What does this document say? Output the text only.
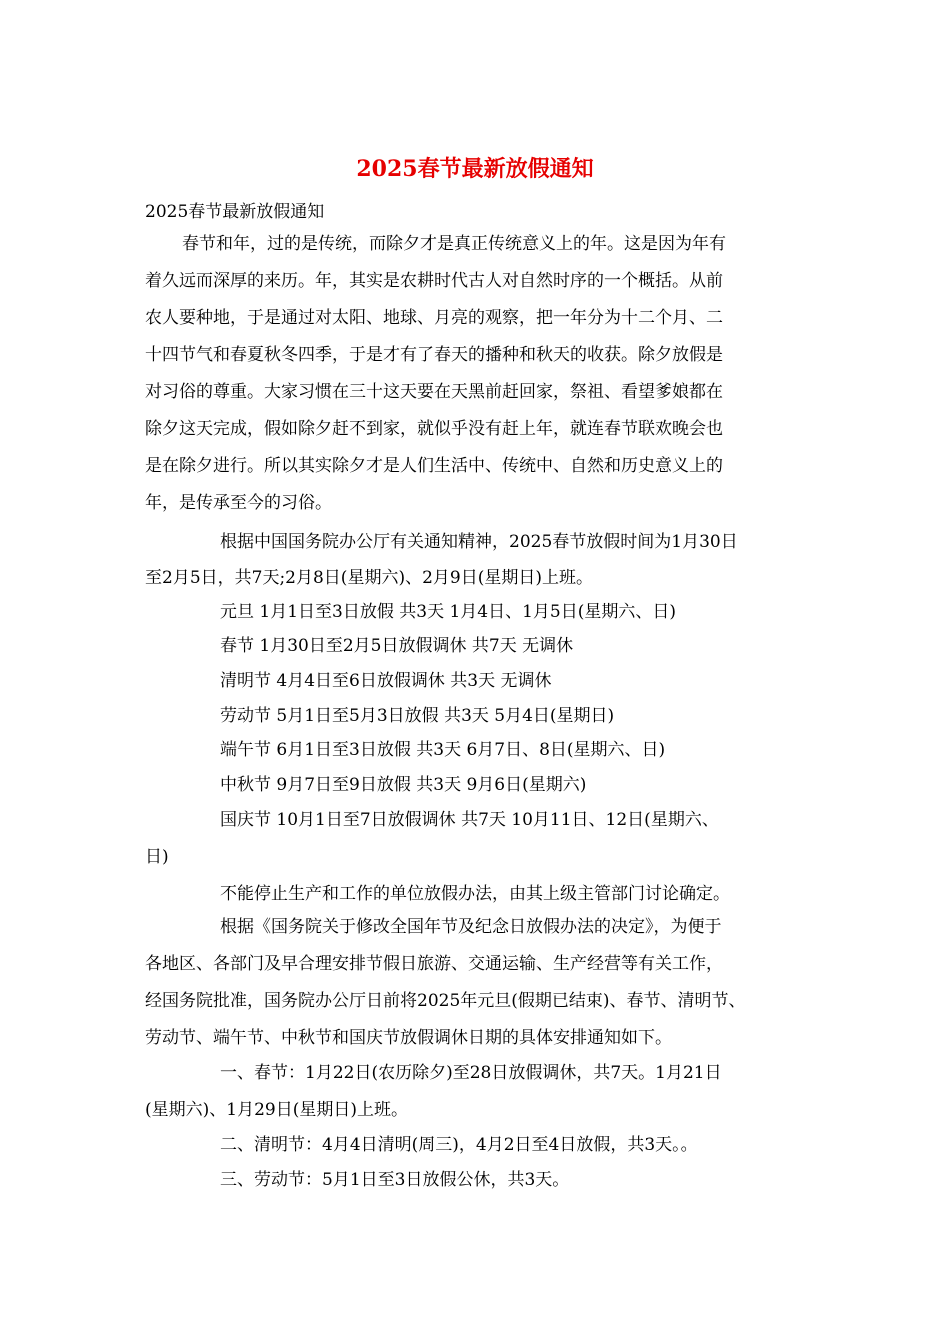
2025春节最新放假通知
2025春节最新放假通知
春节和年，过的是传统，而除夕才是真正传统意义上的年。这是因为年有
着久远而深厚的来历。年，其实是农耕时代古人对自然时序的一个概括。从前
农人要种地，于是通过对太阳、地球、月亮的观察，把一年分为十二个月、二
十四节气和春夏秋冬四季，于是才有了春天的播种和秋天的收获。除夕放假是
对习俗的尊重。大家习惯在三十这天要在天黑前赶回家，祭祖、看望爹娘都在
除夕这天完成，假如除夕赶不到家，就似乎没有赶上年，就连春节联欢晚会也
是在除夕进行。所以其实除夕才是人们生活中、传统中、自然和历史意义上的
年，是传承至今的习俗。
根据中国国务院办公厅有关通知精神，2025春节放假时间为1月30日
至2月5日，共7天;2月8日(星期六)、2月9日(星期日)上班。
元旦 1月1日至3日放假 共3天 1月4日、1月5日(星期六、日)
春节 1月30日至2月5日放假调休 共7天 无调休
清明节 4月4日至6日放假调休 共3天 无调休
劳动节 5月1日至5月3日放假 共3天 5月4日(星期日)
端午节 6月1日至3日放假 共3天 6月7日、8日(星期六、日)
中秋节 9月7日至9日放假 共3天 9月6日(星期六)
国庆节 10月1日至7日放假调休 共7天 10月11日、12日(星期六、
日)
不能停止生产和工作的单位放假办法，由其上级主管部门讨论确定。
根据《国务院关于修改全国年节及纪念日放假办法的决定》，为便于
各地区、各部门及早合理安排节假日旅游、交通运输、生产经营等有关工作，
经国务院批准，国务院办公厅日前将2025年元旦(假期已结束)、春节、清明节、
劳动节、端午节、中秋节和国庆节放假调休日期的具体安排通知如下。
一、春节：1月22日(农历除夕)至28日放假调休，共7天。1月21日
(星期六)、1月29日(星期日)上班。
二、清明节：4月4日清明(周三)，4月2日至4日放假，共3天。。
三、劳动节：5月1日至3日放假公休，共3天。
